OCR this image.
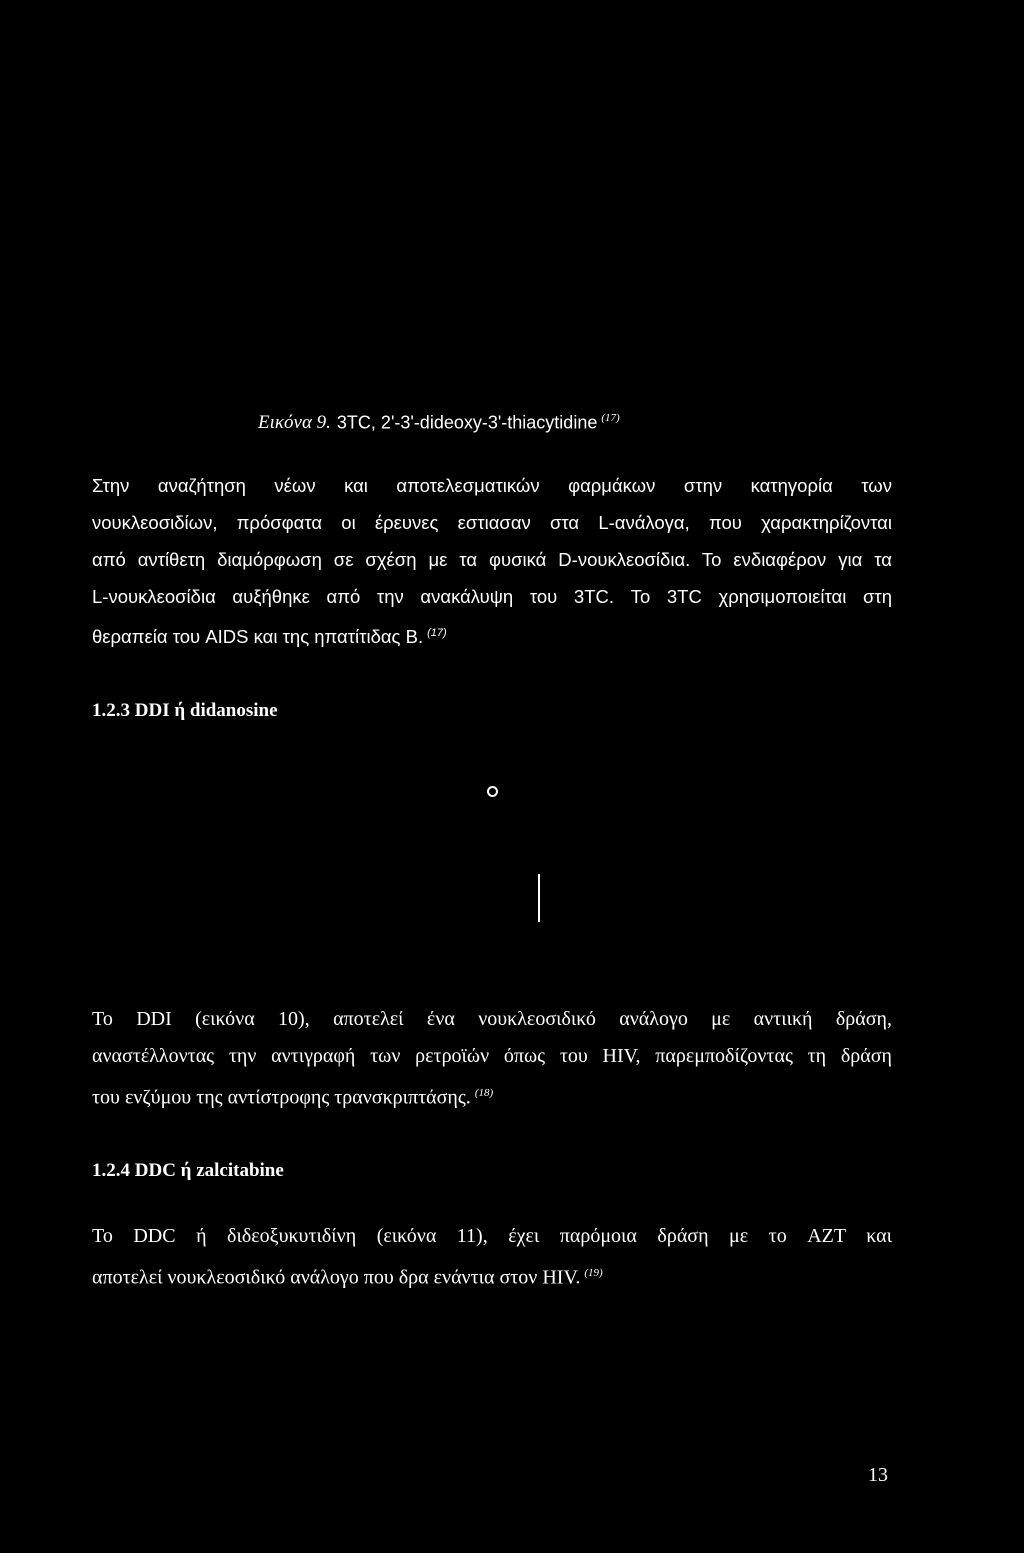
Εικόνα 9. 3TC, 2'-3'-dideoxy-3'-thiacytidine $^{(17)}$
Στην αναζήτηση νέων και αποτελεσματικών φαρμάκων στην κατηγορία των
νουκλεοσιδίων, πρόσφατα οι έρευνες εστιασαν στα L-ανάλογα, που χαρακτηρίζονται
από αντίθετη διαμόρφωση σε σχέση με τα φυσικά D-νουκλεοσίδια. Το ενδιαφέρον για τα
L-νουκλεοσίδια αυξήθηκε από την ανακάλυψη του 3TC. Το 3TC χρησιμοποιείται στη
θεραπεία του AIDS και της ηπατίτιδας Β. $^{(17)}$
1.2.3 DDI ή didanosine
Το DDI (εικόνα 10), αποτελεί ένα νουκλεοσιδικό ανάλογο με αντιική δράση,
αναστέλλοντας την αντιγραφή των ρετροϊών όπως του HIV, παρεμποδίζοντας τη δράση
του ενζύμου της αντίστροφης τρανσκριπτάσης. $^{(18)}$
1.2.4 DDC ή zalcitabine
Το DDC ή διδεοξυκυτιδίνη (εικόνα 11), έχει παρόμοια δράση με το AZT και
αποτελεί νουκλεοσιδικό ανάλογο που δρα ενάντια στον HIV. $^{(19)}$
13
